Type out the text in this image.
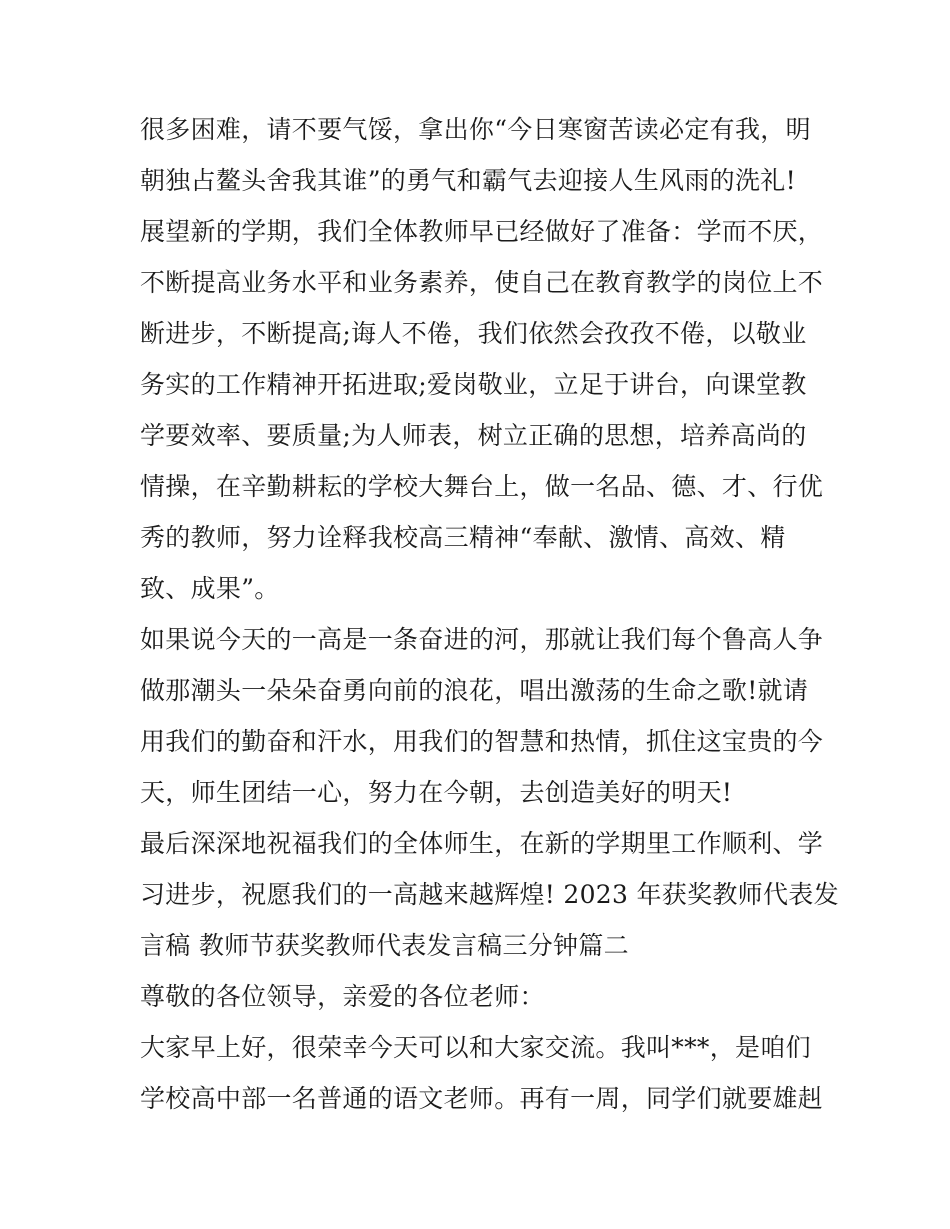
很多困难，请不要气馁，拿出你“今日寒窗苦读必定有我，明
朝独占鳌头舍我其谁”的勇气和霸气去迎接人生风雨的洗礼!
展望新的学期，我们全体教师早已经做好了准备：学而不厌，
不断提高业务水平和业务素养，使自己在教育教学的岗位上不
断进步，不断提高;诲人不倦，我们依然会孜孜不倦，以敬业
务实的工作精神开拓进取;爱岗敬业，立足于讲台，向课堂教
学要效率、要质量;为人师表，树立正确的思想，培养高尚的
情操，在辛勤耕耘的学校大舞台上，做一名品、德、才、行优
秀的教师，努力诠释我校高三精神“奉献、激情、高效、精
致、成果”。
如果说今天的一高是一条奋进的河，那就让我们每个鲁高人争
做那潮头一朵朵奋勇向前的浪花，唱出激荡的生命之歌!就请
用我们的勤奋和汗水，用我们的智慧和热情，抓住这宝贵的今
天，师生团结一心，努力在今朝，去创造美好的明天!
最后深深地祝福我们的全体师生，在新的学期里工作顺利、学
习进步，祝愿我们的一高越来越辉煌! 2023 年获奖教师代表发
言稿 教师节获奖教师代表发言稿三分钟篇二
尊敬的各位领导，亲爱的各位老师：
大家早上好，很荣幸今天可以和大家交流。我叫***，是咱们
学校高中部一名普通的语文老师。再有一周，同学们就要雄赳
